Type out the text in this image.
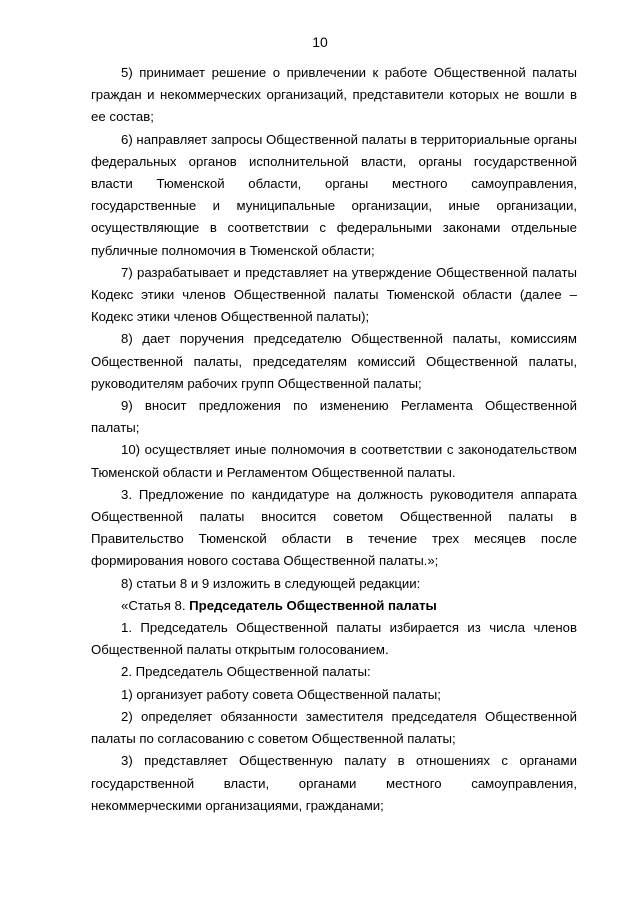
10

5) принимает решение о привлечении к работе Общественной палаты граждан и некоммерческих организаций, представители которых не вошли в ее состав;

6) направляет запросы Общественной палаты в территориальные органы федеральных органов исполнительной власти, органы государственной власти Тюменской области, органы местного самоуправления, государственные и муниципальные организации, иные организации, осуществляющие в соответствии с федеральными законами отдельные публичные полномочия в Тюменской области;

7) разрабатывает и представляет на утверждение Общественной палаты Кодекс этики членов Общественной палаты Тюменской области (далее – Кодекс этики членов Общественной палаты);

8) дает поручения председателю Общественной палаты, комиссиям Общественной палаты, председателям комиссий Общественной палаты, руководителям рабочих групп Общественной палаты;

9) вносит предложения по изменению Регламента Общественной палаты;

10) осуществляет иные полномочия в соответствии с законодательством Тюменской области и Регламентом Общественной палаты.

3. Предложение по кандидатуре на должность руководителя аппарата Общественной палаты вносится советом Общественной палаты в Правительство Тюменской области в течение трех месяцев после формирования нового состава Общественной палаты.»;

8) статьи 8 и 9 изложить в следующей редакции:

«Статья 8. Председатель Общественной палаты

1. Председатель Общественной палаты избирается из числа членов Общественной палаты открытым голосованием.

2. Председатель Общественной палаты:

1) организует работу совета Общественной палаты;

2) определяет обязанности заместителя председателя Общественной палаты по согласованию с советом Общественной палаты;

3) представляет Общественную палату в отношениях с органами государственной власти, органами местного самоуправления, некоммерческими организациями, гражданами;
